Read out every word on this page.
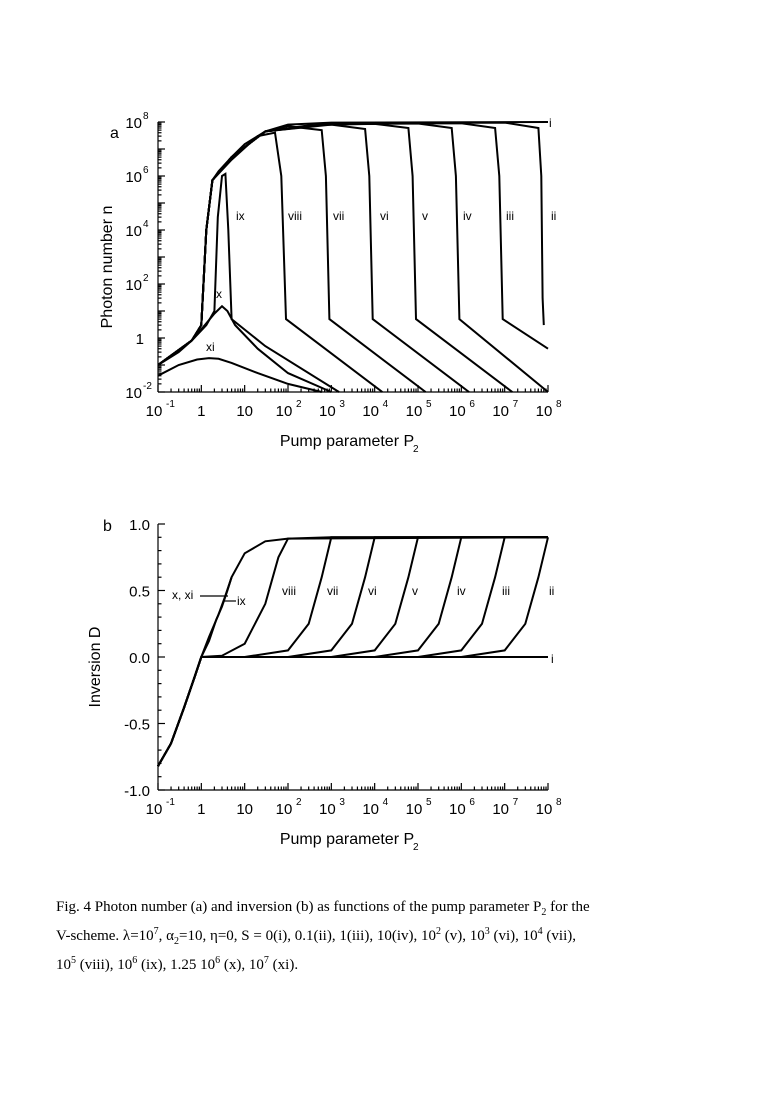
10 -1 1 10 10 2 10 3 10 4 10 5 10 6 10 7 10 8
10 -2
1
10 2
10 4
10 6
10 8
Pump parameter P
2
Photon number n
a
i
ii
iii
iv
v
vi
vii
viii
ix
x
xi
10 -1 1 10 10 2 10 3 10 4 10 5 10 6 10 7 10 8
-1.0
-0.5
0.0
0.5
1.0
Pump parameter P
2
Inversion D
b
i
ii
iii
iv
v
vi
vii
viii
ix
x, xi
Fig. 4 Photon number (a) and inversion (b) as functions of the pump parameter $P_2$ for the
V-scheme. $\lambda=10^7$, $\alpha_2=10$, η=0, S = 0(i), 0.1(ii), 1(iii), 10(iv), $10^2$ (v), $10^3$ (vi), $10^4$ (vii),
$10^5$ (viii), $10^6$ (ix), 1.25 $10^6$ (x), $10^7$ (xi).
